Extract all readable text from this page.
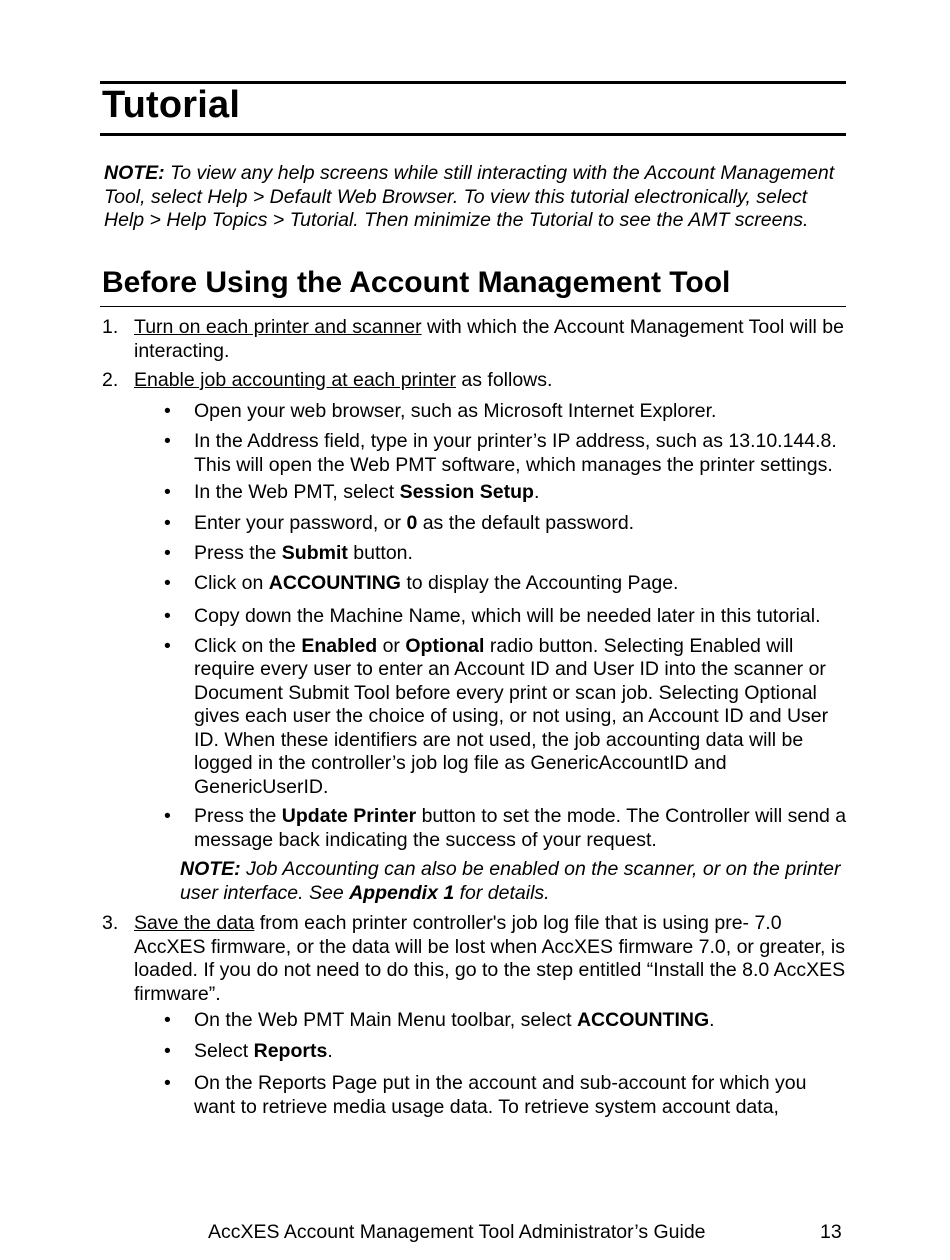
Tutorial
NOTE: To view any help screens while still interacting with the Account Management Tool, select Help > Default Web Browser. To view this tutorial electronically, select Help > Help Topics > Tutorial. Then minimize the Tutorial to see the AMT screens.
Before Using the Account Management Tool
1. Turn on each printer and scanner with which the Account Management Tool will be interacting.
2. Enable job accounting at each printer as follows.
• Open your web browser, such as Microsoft Internet Explorer.
• In the Address field, type in your printer’s IP address, such as 13.10.144.8. This will open the Web PMT software, which manages the printer settings.
• In the Web PMT, select Session Setup.
• Enter your password, or 0 as the default password.
• Press the Submit button.
• Click on ACCOUNTING to display the Accounting Page.
• Copy down the Machine Name, which will be needed later in this tutorial.
• Click on the Enabled or Optional radio button. Selecting Enabled will require every user to enter an Account ID and User ID into the scanner or Document Submit Tool before every print or scan job. Selecting Optional gives each user the choice of using, or not using, an Account ID and User ID. When these identifiers are not used, the job accounting data will be logged in the controller’s job log file as GenericAccountID and GenericUserID.
• Press the Update Printer button to set the mode. The Controller will send a message back indicating the success of your request.
NOTE: Job Accounting can also be enabled on the scanner, or on the printer user interface. See Appendix 1 for details.
3. Save the data from each printer controller's job log file that is using pre- 7.0 AccXES firmware, or the data will be lost when AccXES firmware 7.0, or greater, is loaded. If you do not need to do this, go to the step entitled “Install the 8.0 AccXES firmware”.
• On the Web PMT Main Menu toolbar, select ACCOUNTING.
• Select Reports.
• On the Reports Page put in the account and sub-account for which you want to retrieve media usage data. To retrieve system account data,
AccXES Account Management Tool Administrator’s Guide	13
